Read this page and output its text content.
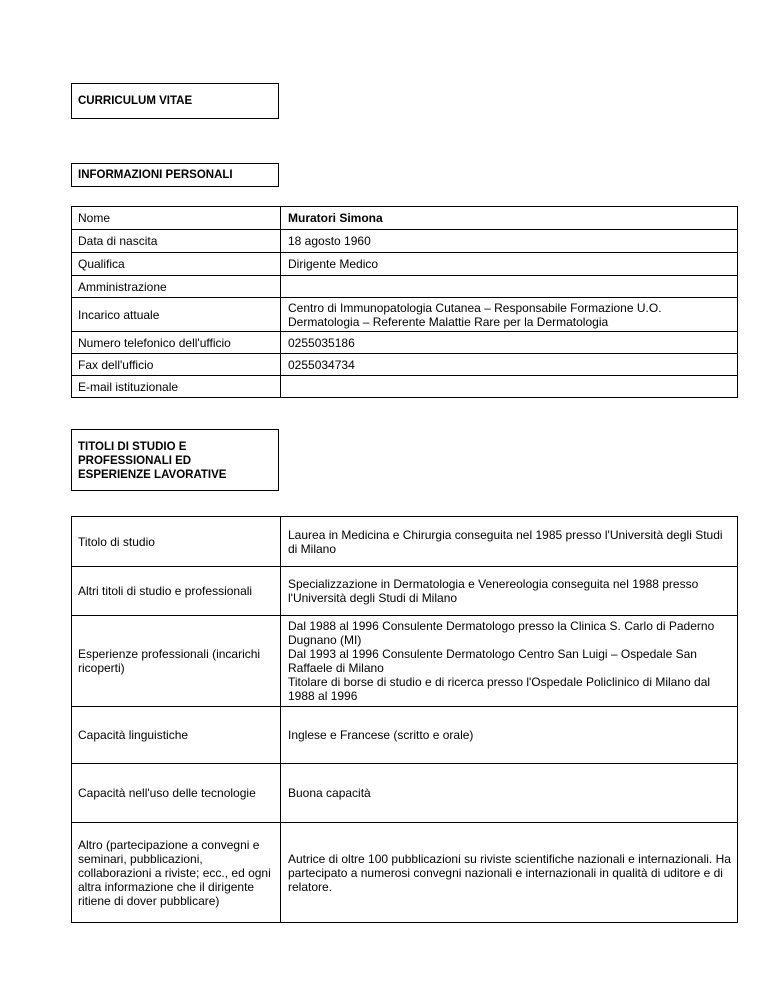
CURRICULUM VITAE
INFORMAZIONI PERSONALI
Nome	Muratori Simona
Data di nascita	18 agosto 1960
Qualifica	Dirigente Medico
Amministrazione	
Incarico attuale	Centro di Immunopatologia Cutanea – Responsabile Formazione U.O. Dermatologia – Referente Malattie Rare per la Dermatologia
Numero telefonico dell'ufficio	0255035186
Fax dell'ufficio	0255034734
E-mail istituzionale	
TITOLI DI STUDIO E
PROFESSIONALI ED
ESPERIENZE LAVORATIVE
Titolo di studio	Laurea in Medicina e Chirurgia conseguita nel 1985 presso l'Università degli Studi di Milano
Altri titoli di studio e professionali	Specializzazione in Dermatologia e Venereologia conseguita nel 1988 presso l'Università degli Studi di Milano
Esperienze professionali (incarichi ricoperti)	Dal 1988 al 1996 Consulente Dermatologo presso la Clinica S. Carlo di Paderno Dugnano (MI)
Dal 1993 al 1996 Consulente Dermatologo Centro San Luigi – Ospedale San Raffaele di Milano
Titolare di borse di studio e di ricerca presso l'Ospedale Policlinico di Milano dal 1988 al 1996

Capacità linguistiche	Inglese e Francese (scritto e orale)
Capacità nell'uso delle tecnologie	Buona capacità
Altro (partecipazione a convegni e seminari, pubblicazioni, collaborazioni a riviste; ecc., ed ogni altra informazione che il dirigente ritiene di dover pubblicare)	Autrice di oltre 100 pubblicazioni su riviste scientifiche nazionali e internazionali. Ha partecipato a numerosi convegni nazionali e internazionali in qualità di uditore e di relatore.
